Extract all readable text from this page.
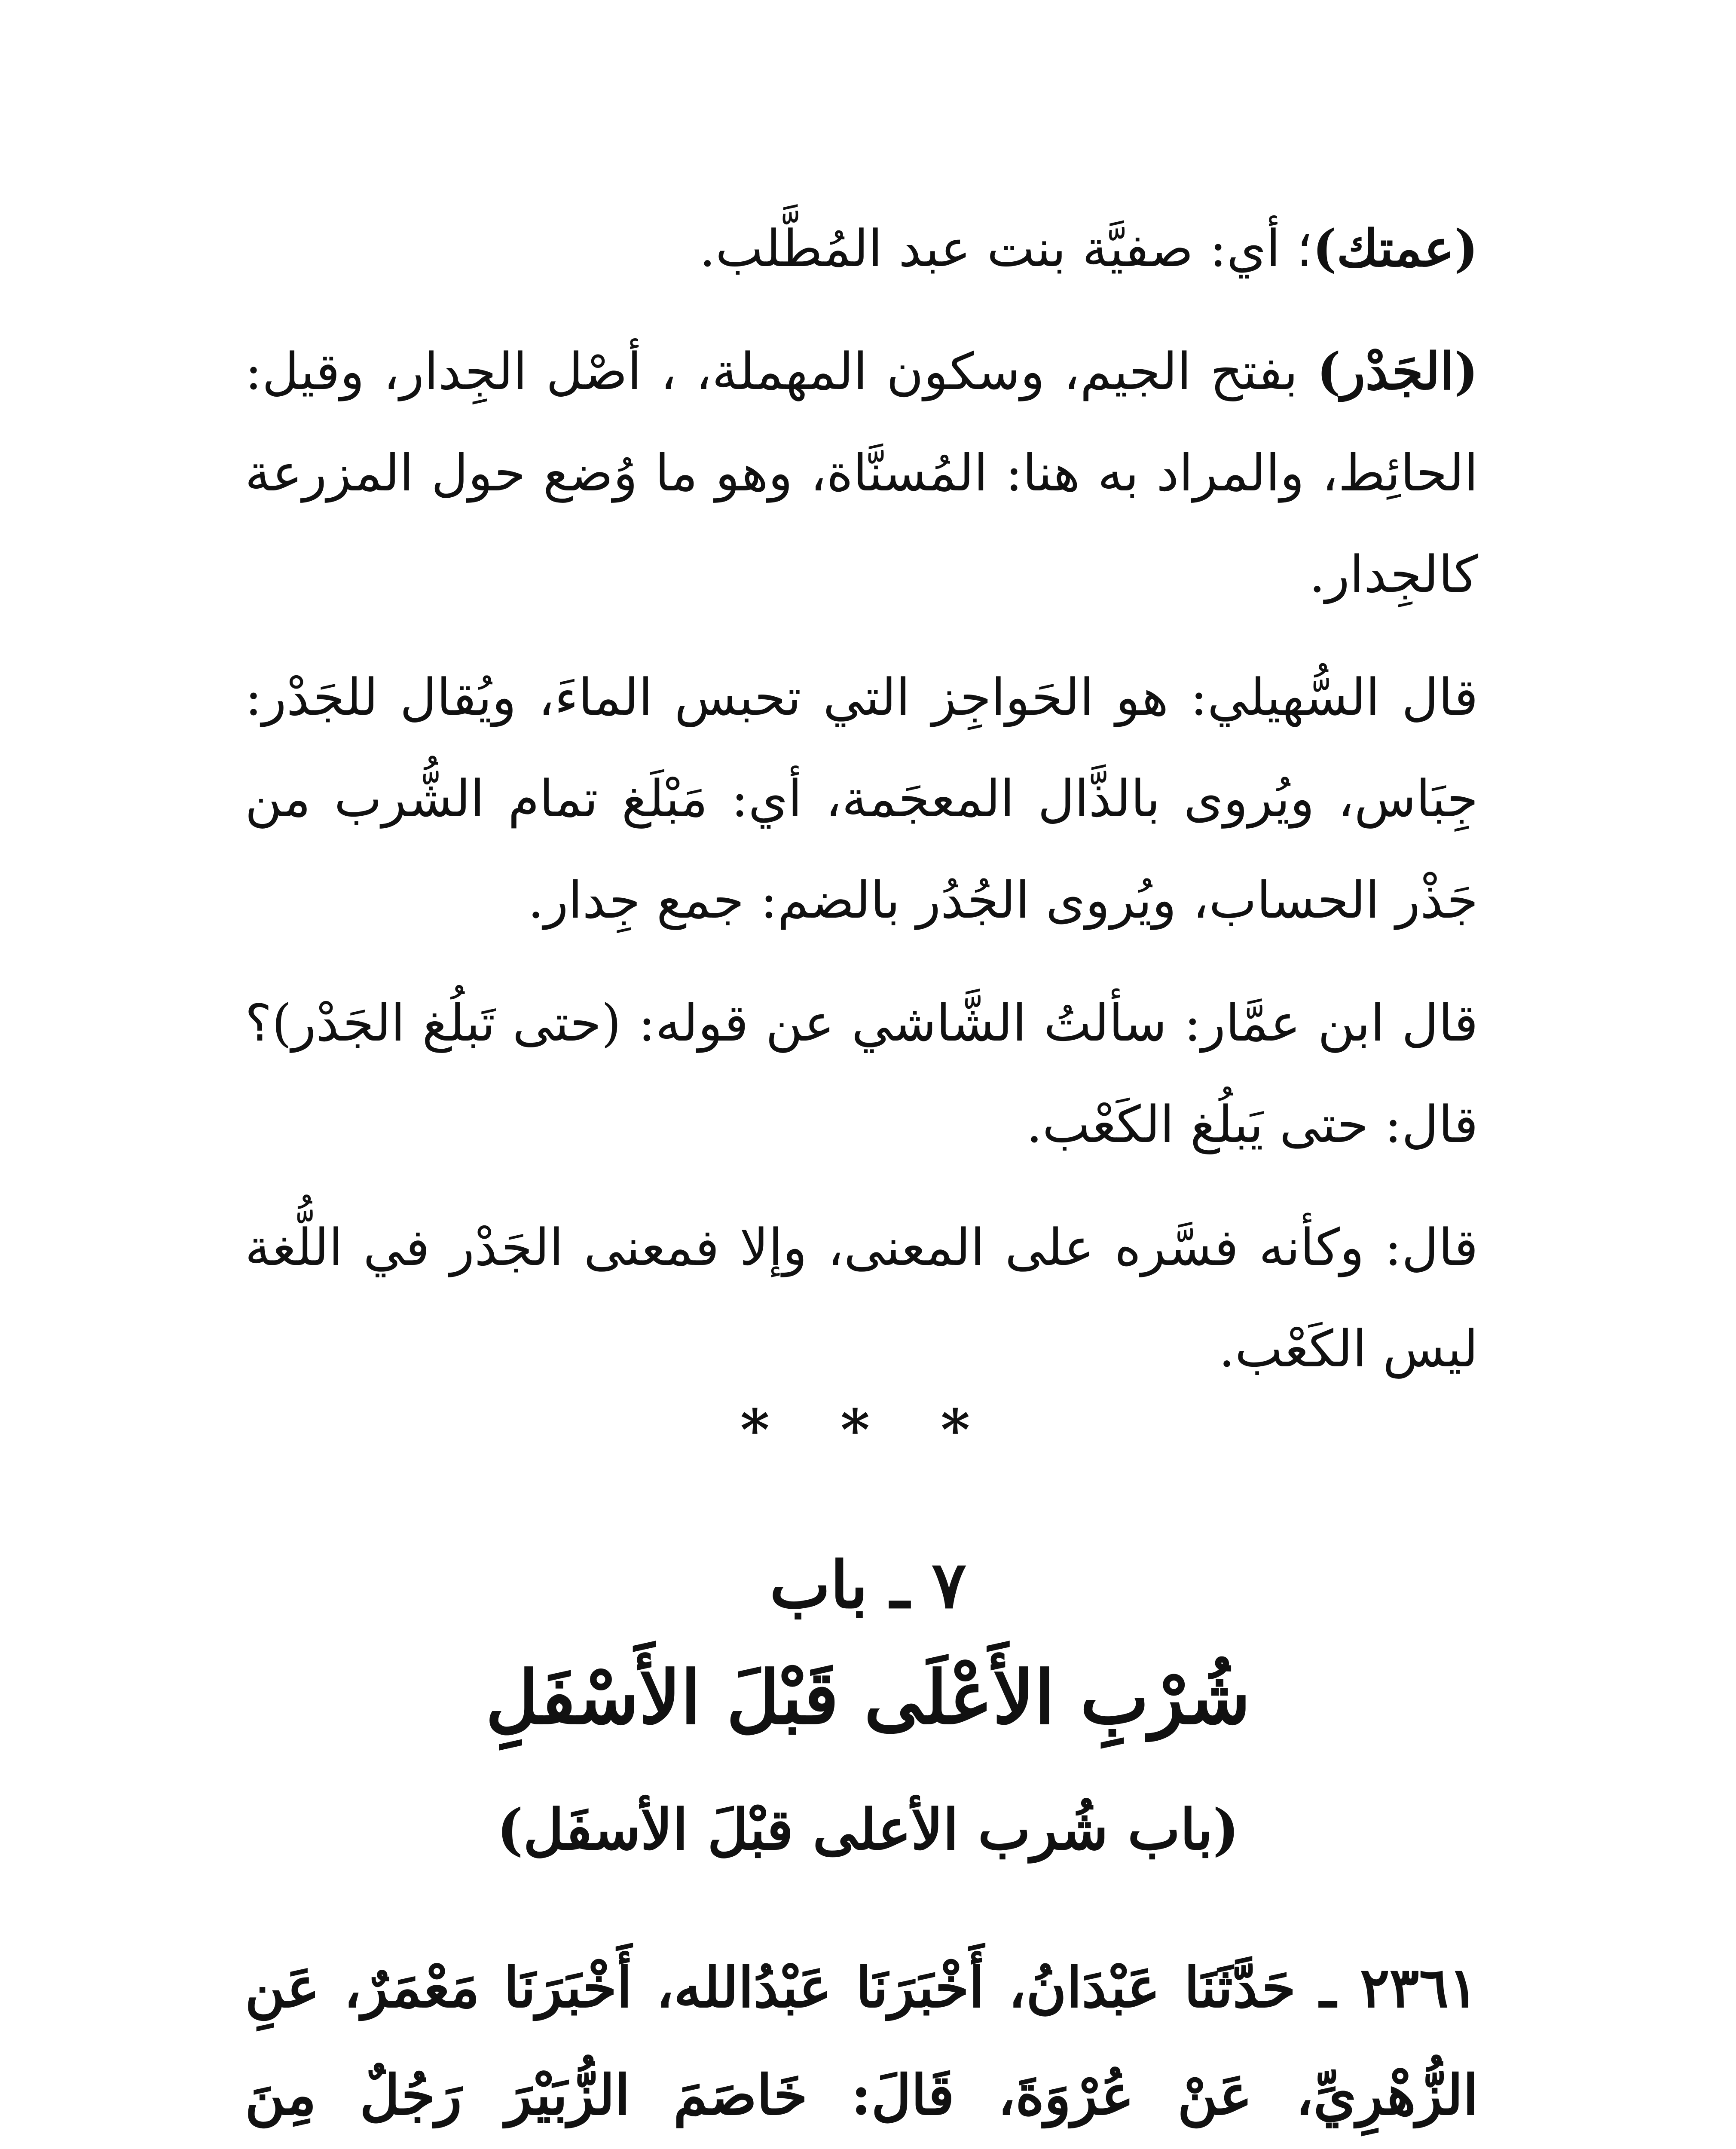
(عمتك)؛ أي: صفيَّة بنت عبد المُطَّلب.

(الجَدْر) بفتح الجيم، وسكون المهملة، ، أصْل الجِدار، وقيل: الحائِط، والمراد به هنا: المُسنَّاة، وهو ما وُضع حول المزرعة كالجِدار.

قال السُّهيلي: هو الحَواجِز التي تحبس الماءَ، ويُقال للجَدْر: جِبَاس، ويُروى بالذَّال المعجَمة، أي: مَبْلَغ تمام الشُّرب من جَذْر الحساب، ويُروى الجُدُر بالضم: جمع جِدار.

قال ابن عمَّار: سألتُ الشَّاشي عن قوله: (حتى تَبلُغ الجَدْر)؟ قال: حتى يَبلُغ الكَعْب.

قال: وكأنه فسَّره على المعنى، وإلا فمعنى الجَدْر في اللُّغة ليس الكَعْب.

* * *
٧ ـ باب
شُرْبِ الأَعْلَى قَبْلَ الأَسْفَلِ
(باب شُرب الأعلى قبْلَ الأسفَل)
٢٣٦١ ـ حَدَّثَنَا عَبْدَانُ، أَخْبَرَنَا عَبْدُالله، أَخْبَرَنَا مَعْمَرٌ، عَنِ الزُّهْرِيِّ، عَنْ عُرْوَةَ، قَالَ: خَاصَمَ الزُّبَيْرَ رَجُلٌ مِنَ
